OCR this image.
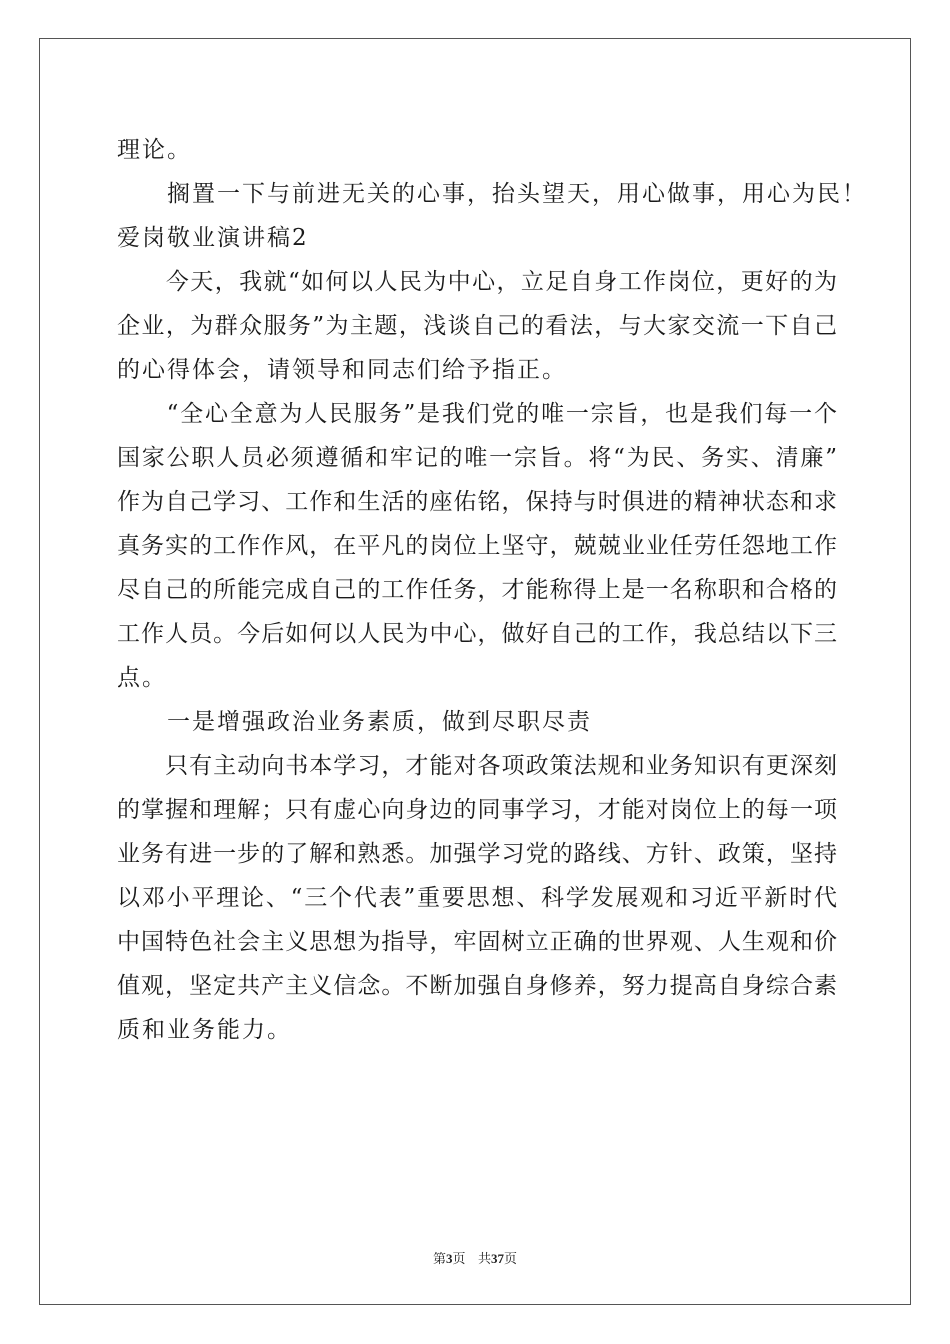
理论。
　　搁置一下与前进无关的心事，抬头望天，用心做事，用心为民！
爱岗敬业演讲稿2
　　今天，我就“如何以人民为中心，立足自身工作岗位，更好的为
企业，为群众服务”为主题，浅谈自己的看法，与大家交流一下自己
的心得体会，请领导和同志们给予指正。
　　“全心全意为人民服务”是我们党的唯一宗旨，也是我们每一个
国家公职人员必须遵循和牢记的唯一宗旨。将“为民、务实、清廉”
作为自己学习、工作和生活的座佑铭，保持与时俱进的精神状态和求
真务实的工作作风，在平凡的岗位上坚守，兢兢业业任劳任怨地工作
尽自己的所能完成自己的工作任务，才能称得上是一名称职和合格的
工作人员。今后如何以人民为中心，做好自己的工作，我总结以下三
点。
　　一是增强政治业务素质，做到尽职尽责
　　只有主动向书本学习，才能对各项政策法规和业务知识有更深刻
的掌握和理解；只有虚心向身边的同事学习，才能对岗位上的每一项
业务有进一步的了解和熟悉。加强学习党的路线、方针、政策，坚持
以邓小平理论、“三个代表”重要思想、科学发展观和习近平新时代
中国特色社会主义思想为指导，牢固树立正确的世界观、人生观和价
值观，坚定共产主义信念。不断加强自身修养，努力提高自身综合素
质和业务能力。
第3页 共37页
